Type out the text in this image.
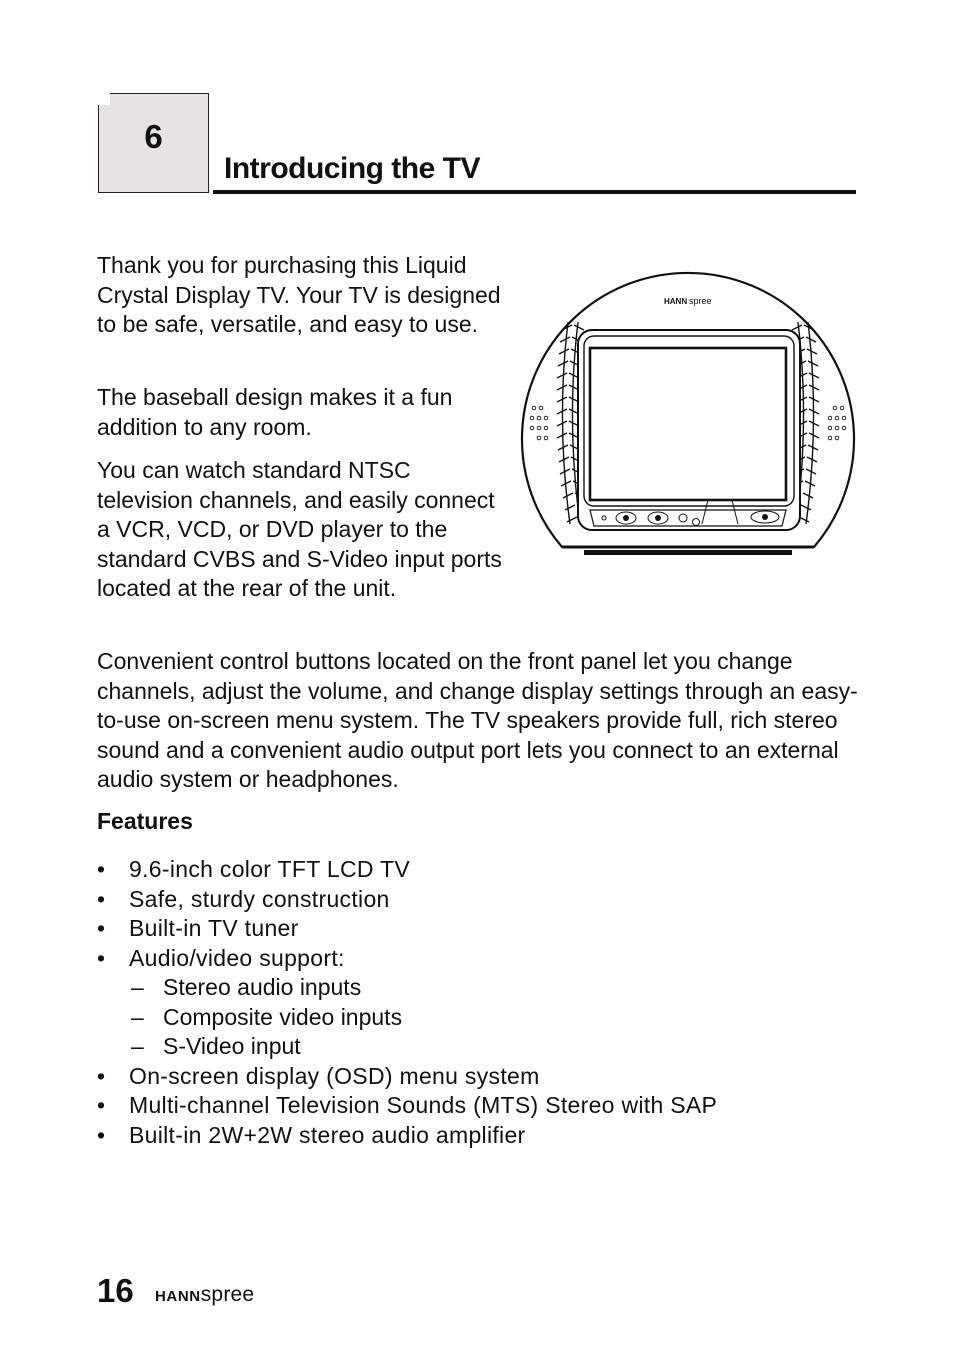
6
Introducing the TV

Thank you for purchasing this Liquid Crystal Display TV. Your TV is designed to be safe, versatile, and easy to use.

The baseball design makes it a fun addition to any room.

You can watch standard NTSC television channels, and easily connect a VCR, VCD, or DVD player to the standard CVBS and S-Video input ports located at the rear of the unit.

Convenient control buttons located on the front panel let you change channels, adjust the volume, and change display settings through an easy-to-use on-screen menu system. The TV speakers provide full, rich stereo sound and a convenient audio output port lets you connect to an external audio system or headphones.

HANN spree
Features
• 9.6-inch color TFT LCD TV
• Safe, sturdy construction
• Built-in TV tuner
• Audio/video support:
– Stereo audio inputs
– Composite video inputs
– S-Video input
• On-screen display (OSD) menu system
• Multi-channel Television Sounds (MTS) Stereo with SAP
• Built-in 2W+2W stereo audio amplifier
16 HANNspree
